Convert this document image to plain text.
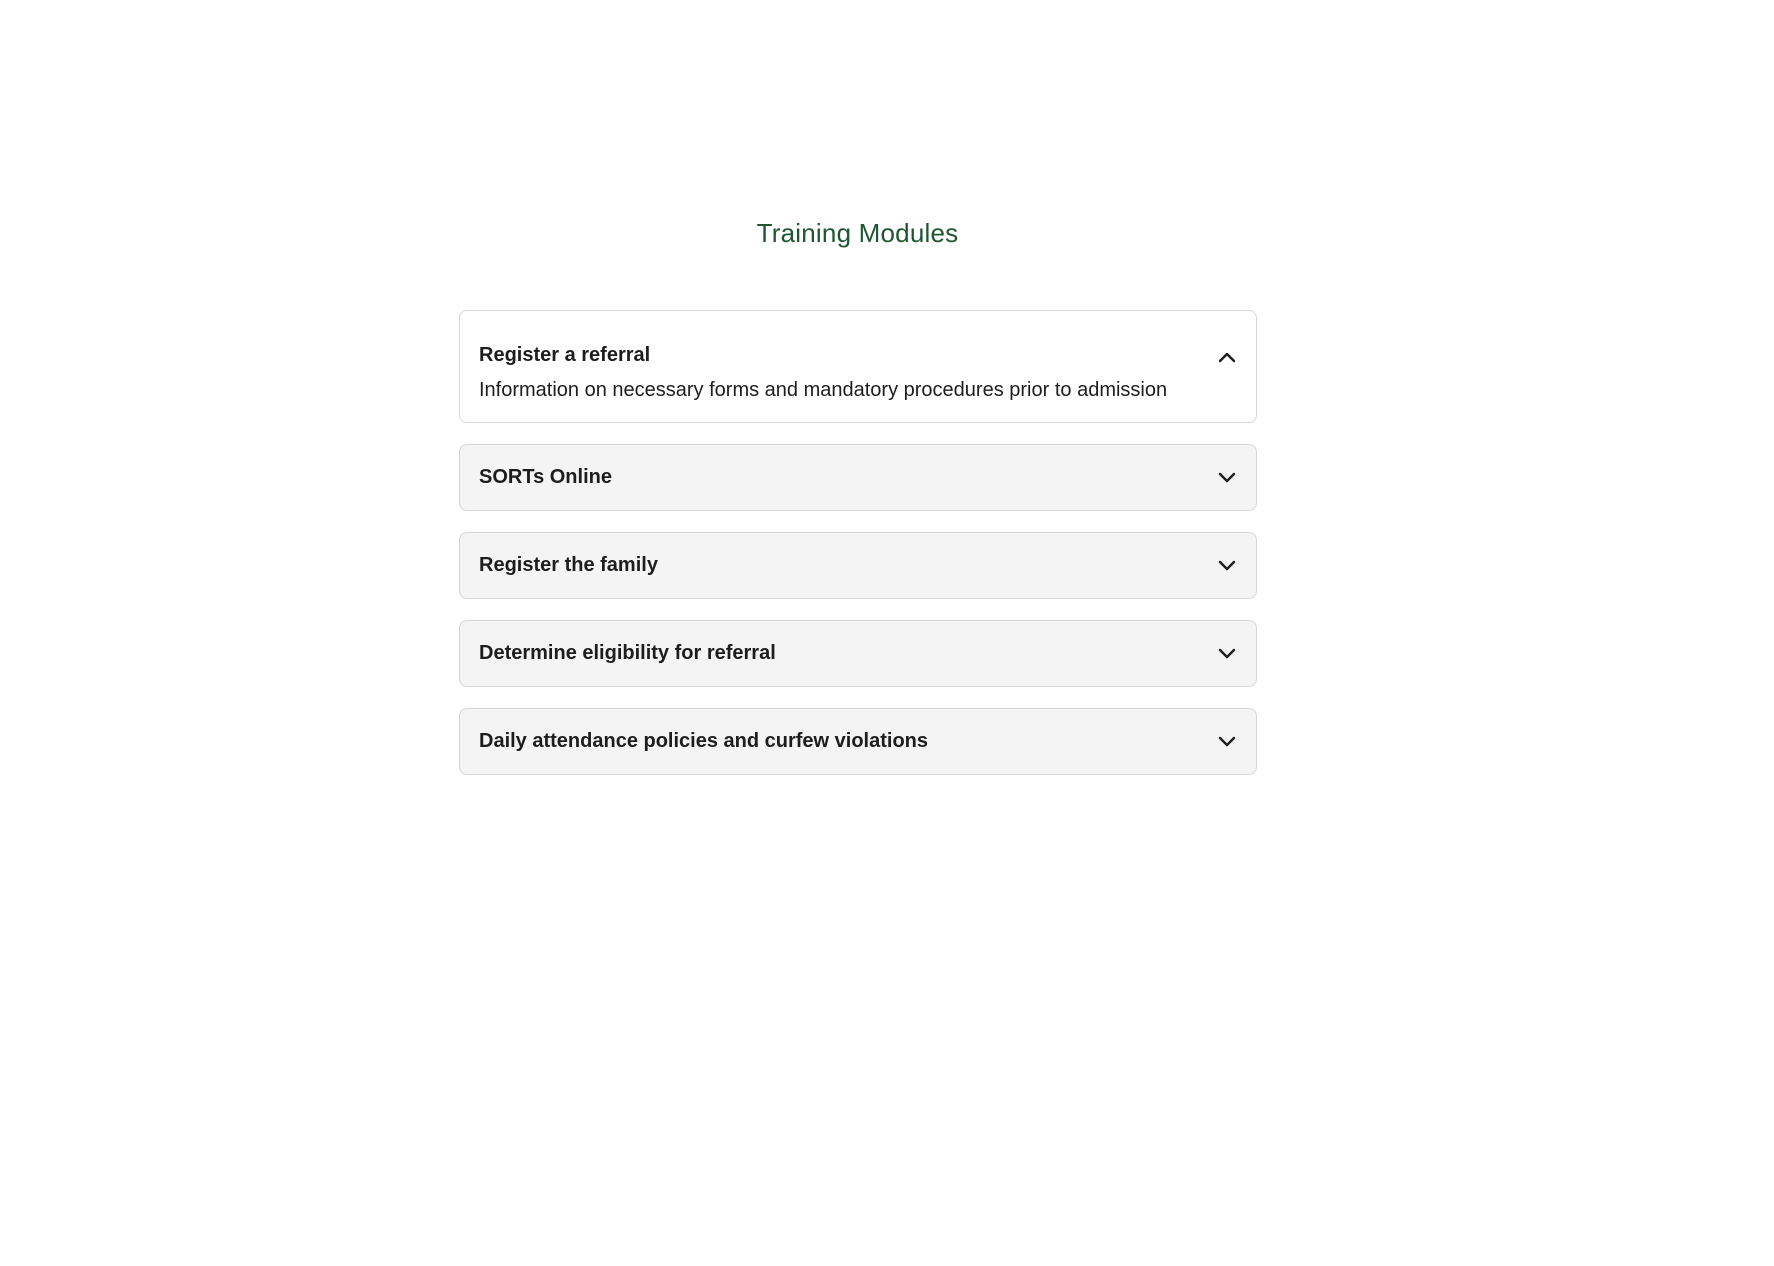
Training Modules
Register a referral
Information on necessary forms and mandatory procedures prior to admission
SORTs Online
Register the family
Determine eligibility for referral
Daily attendance policies and curfew violations
